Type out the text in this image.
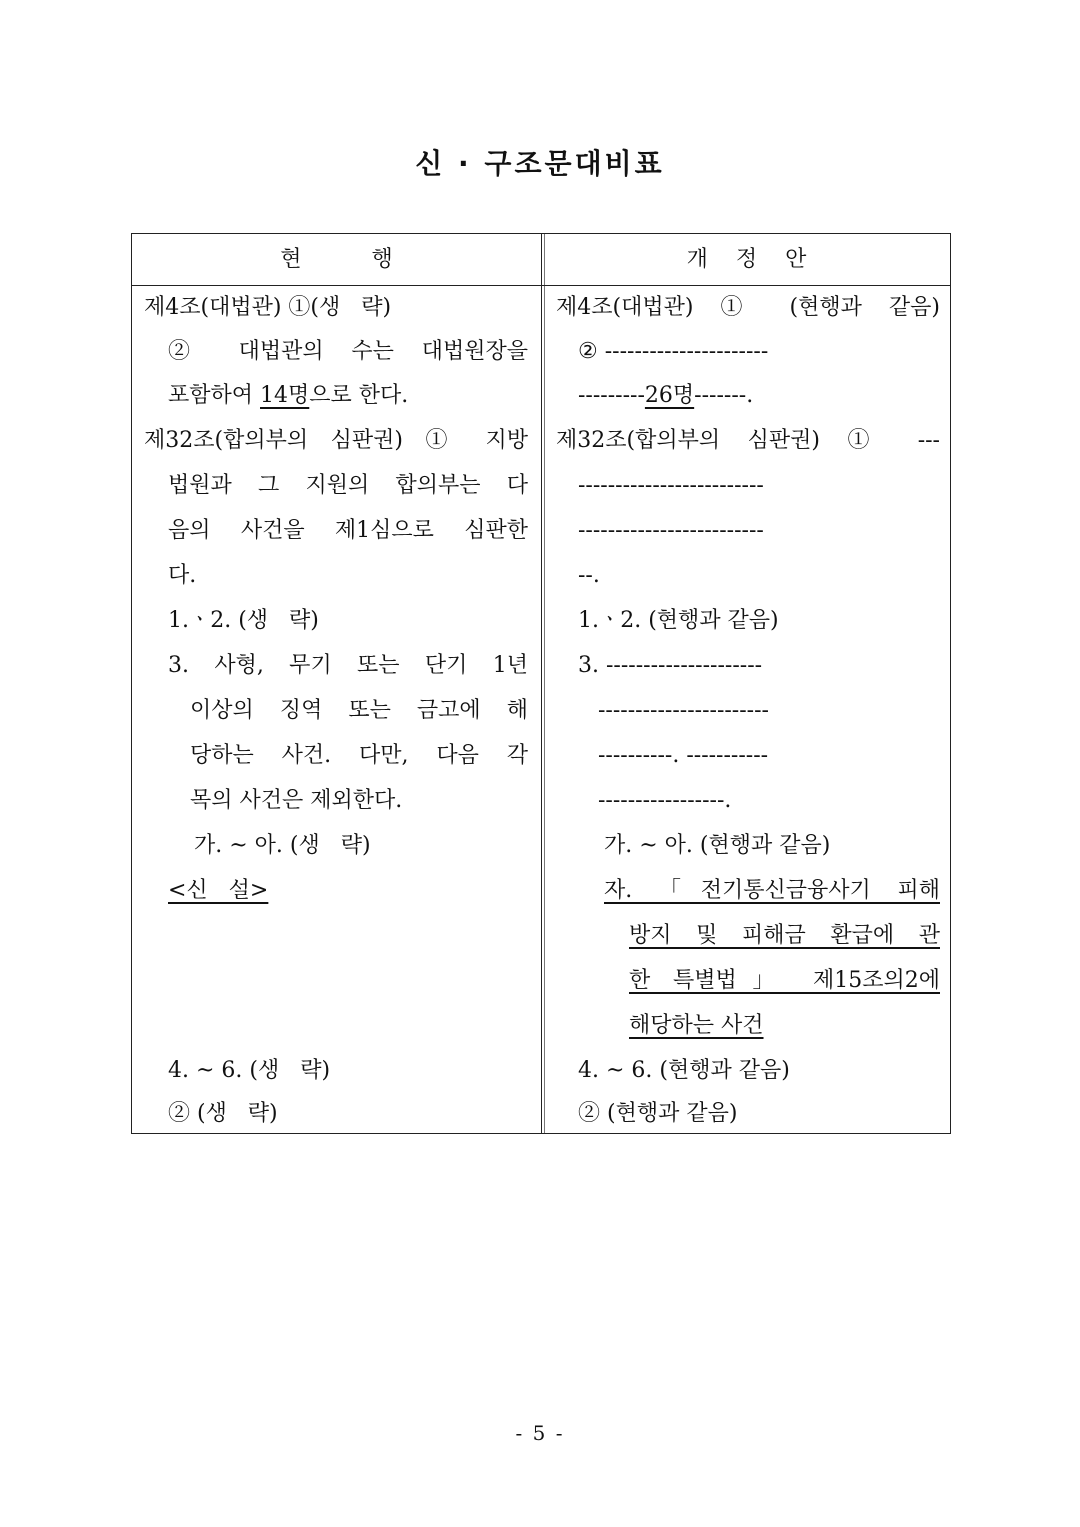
신 · 구조문대비표
현          행	개    정    안
제4조(대법관) ①(생   략)
② 대법관의 수는 대법원장을
포함하여 14명으로 한다.
제32조(합의부의 심판권) ① 지방
법원과 그 지원의 합의부는 다
음의 사건을 제1심으로 심판한
다.
1.ㆍ2. (생   략)
3. 사형, 무기 또는 단기 1년
이상의 징역 또는 금고에 해
당하는 사건. 다만, 다음 각
목의 사건은 제외한다.
가. ~ 아. (생   략)
<신   설>
4. ~ 6. (생   략)
② (생   략)
제4조(대법관) ① (현행과 같음)
② ----------------------
---------26명-------.
제32조(합의부의 심판권) ① ---
-------------------------
-------------------------
--.
1.ㆍ2. (현행과 같음)
3. ---------------------
-----------------------
----------. -----------
-----------------.
가. ~ 아. (현행과 같음)
자. 「전기통신금융사기 피해
방지 및 피해금 환급에 관
한 특별법」 제15조의2에
해당하는 사건
4. ~ 6. (현행과 같음)
② (현행과 같음)
- 5 -
